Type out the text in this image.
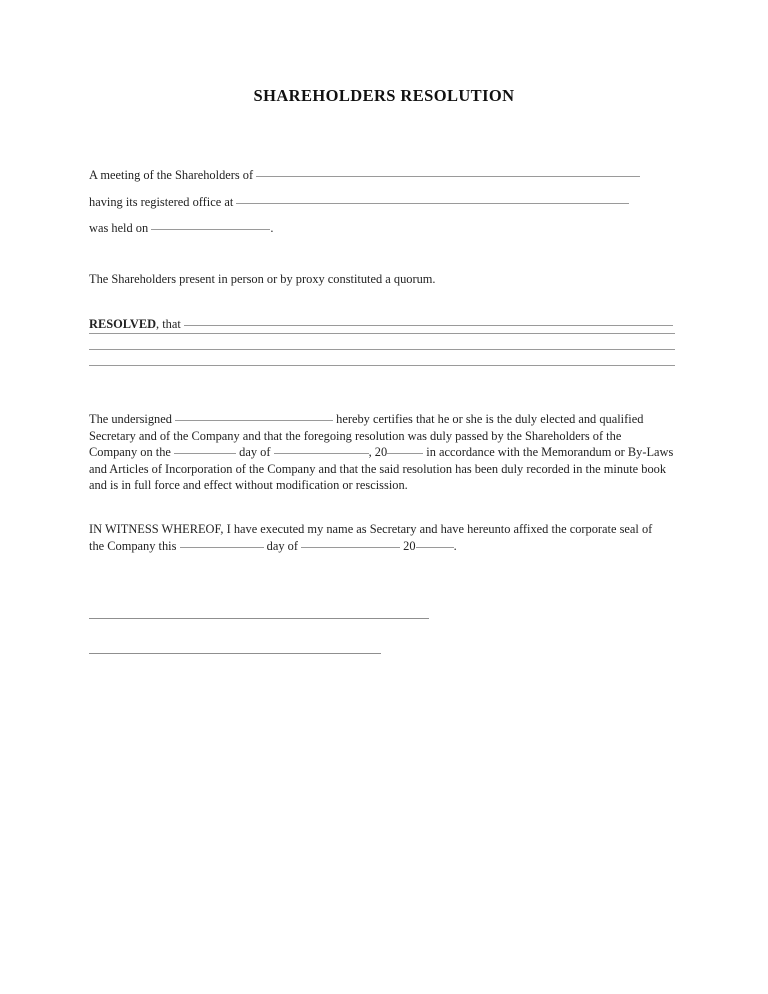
SHAREHOLDERS RESOLUTION
A meeting of the Shareholders of
having its registered office at
was held on	.
The Shareholders present in person or by proxy constituted a quorum.
RESOLVED, that
The undersigned	hereby certifies that he or she is the duly elected and qualified
Secretary and of the Company and that the foregoing resolution was duly passed by the Shareholders of the
Company on the	day of	, 20	in accordance with the Memorandum or By-Laws
and Articles of Incorporation of the Company and that the said resolution has been duly recorded in the minute book
and is in full force and effect without modification or rescission.
IN WITNESS WHEREOF, I have executed my name as Secretary and have hereunto affixed the corporate seal of
the Company this	day of	20	.
